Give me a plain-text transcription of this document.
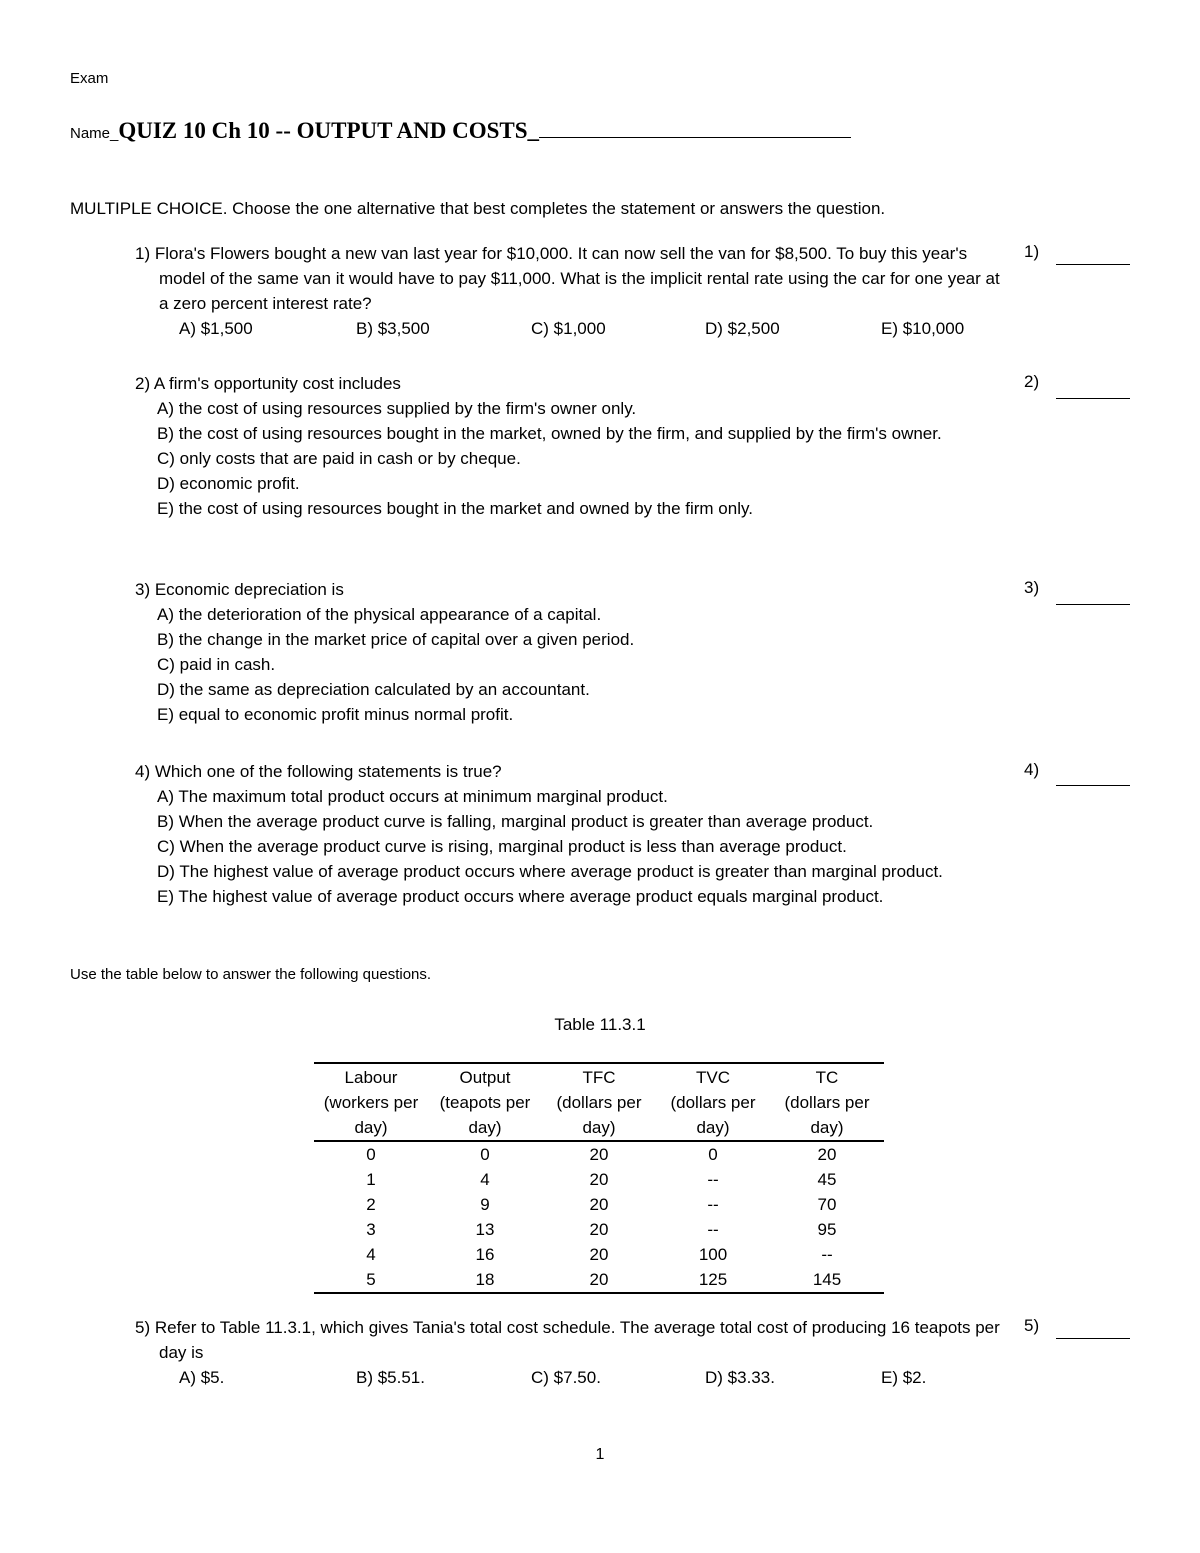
Exam
Name_QUIZ 10 Ch 10 -- OUTPUT AND COSTS_
MULTIPLE CHOICE. Choose the one alternative that best completes the statement or answers the question.
1) Flora's Flowers bought a new van last year for $10,000. It can now sell the van for $8,500. To buy this year's model of the same van it would have to pay $11,000. What is the implicit rental rate using the car for one year at a zero percent interest rate?
A) $1,500	B) $3,500	C) $1,000	D) $2,500	E) $10,000
1)
2) A firm's opportunity cost includes
A) the cost of using resources supplied by the firm's owner only.
B) the cost of using resources bought in the market, owned by the firm, and supplied by the firm's owner.
C) only costs that are paid in cash or by cheque.
D) economic profit.
E) the cost of using resources bought in the market and owned by the firm only.
2)
3) Economic depreciation is
A) the deterioration of the physical appearance of a capital.
B) the change in the market price of capital over a given period.
C) paid in cash.
D) the same as depreciation calculated by an accountant.
E) equal to economic profit minus normal profit.
3)
4) Which one of the following statements is true?
A) The maximum total product occurs at minimum marginal product.
B) When the average product curve is falling, marginal product is greater than average product.
C) When the average product curve is rising, marginal product is less than average product.
D) The highest value of average product occurs where average product is greater than marginal product.
E) The highest value of average product occurs where average product equals marginal product.
4)
Use the table below to answer the following questions.
Table 11.3.1
Labour
(workers per
day)	Output
(teapots per
day)	TFC
(dollars per
day)	TVC
(dollars per
day)	TC
(dollars per
day)
0	0	20	0	20
1	4	20	--	45
2	9	20	--	70
3	13	20	--	95
4	16	20	100	--
5	18	20	125	145
5) Refer to Table 11.3.1, which gives Tania's total cost schedule. The average total cost of producing 16 teapots per day is
A) $5.	B) $5.51.	C) $7.50.	D) $3.33.	E) $2.
5)
1
